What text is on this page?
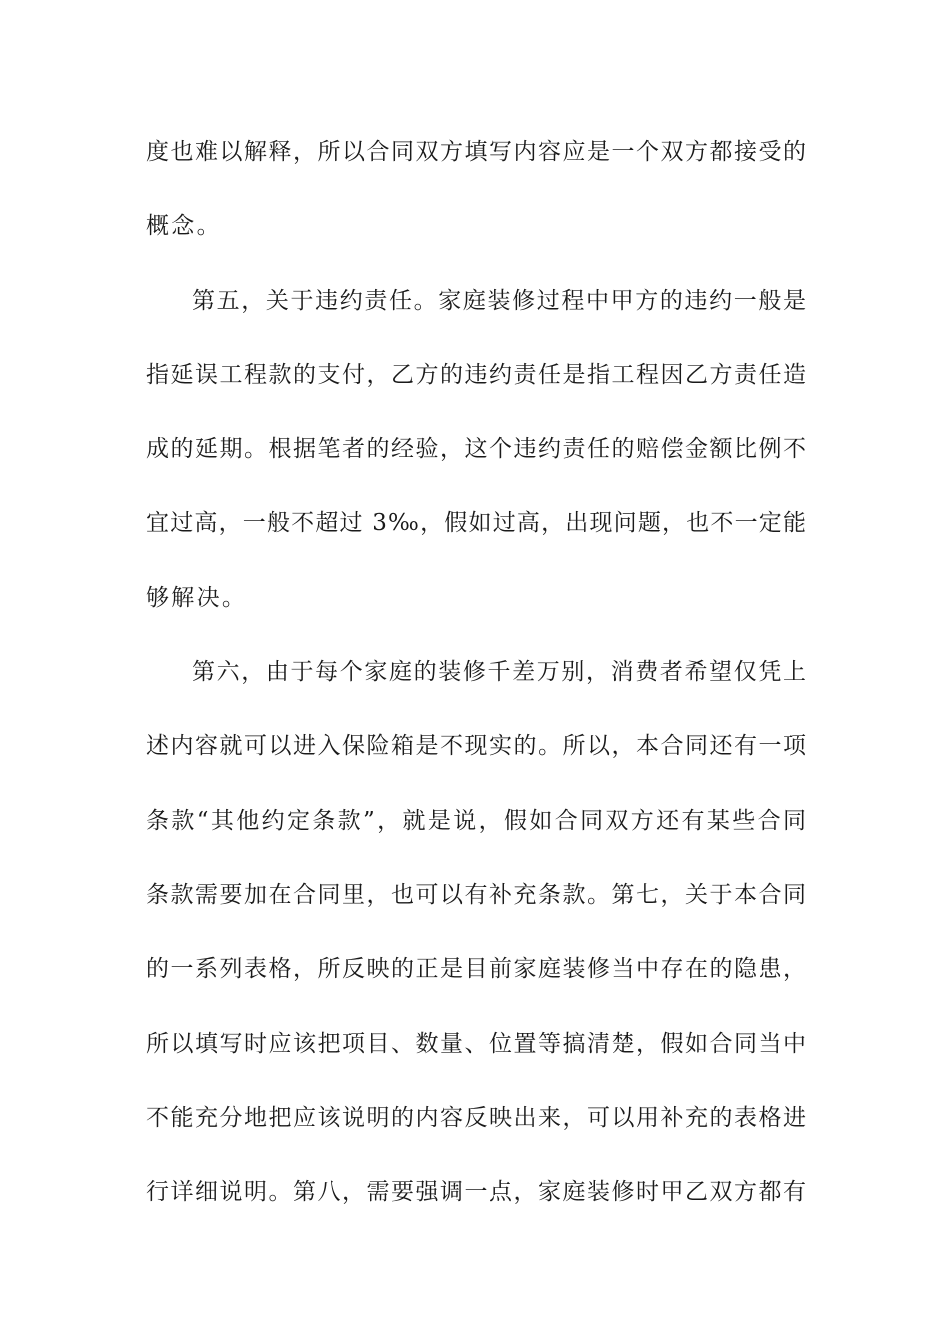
度也难以解释，所以合同双方填写内容应是一个双方都接受的
概念。
第五，关于违约责任。家庭装修过程中甲方的违约一般是
指延误工程款的支付，乙方的违约责任是指工程因乙方责任造
成的延期。根据笔者的经验，这个违约责任的赔偿金额比例不
宜过高，一般不超过 3‰，假如过高，出现问题，也不一定能
够解决。
第六，由于每个家庭的装修千差万别，消费者希望仅凭上
述内容就可以进入保险箱是不现实的。所以，本合同还有一项
条款“其他约定条款”，就是说，假如合同双方还有某些合同
条款需要加在合同里，也可以有补充条款。第七，关于本合同
的一系列表格，所反映的正是目前家庭装修当中存在的隐患，
所以填写时应该把项目、数量、位置等搞清楚，假如合同当中
不能充分地把应该说明的内容反映出来，可以用补充的表格进
行详细说明。第八，需要强调一点，家庭装修时甲乙双方都有
